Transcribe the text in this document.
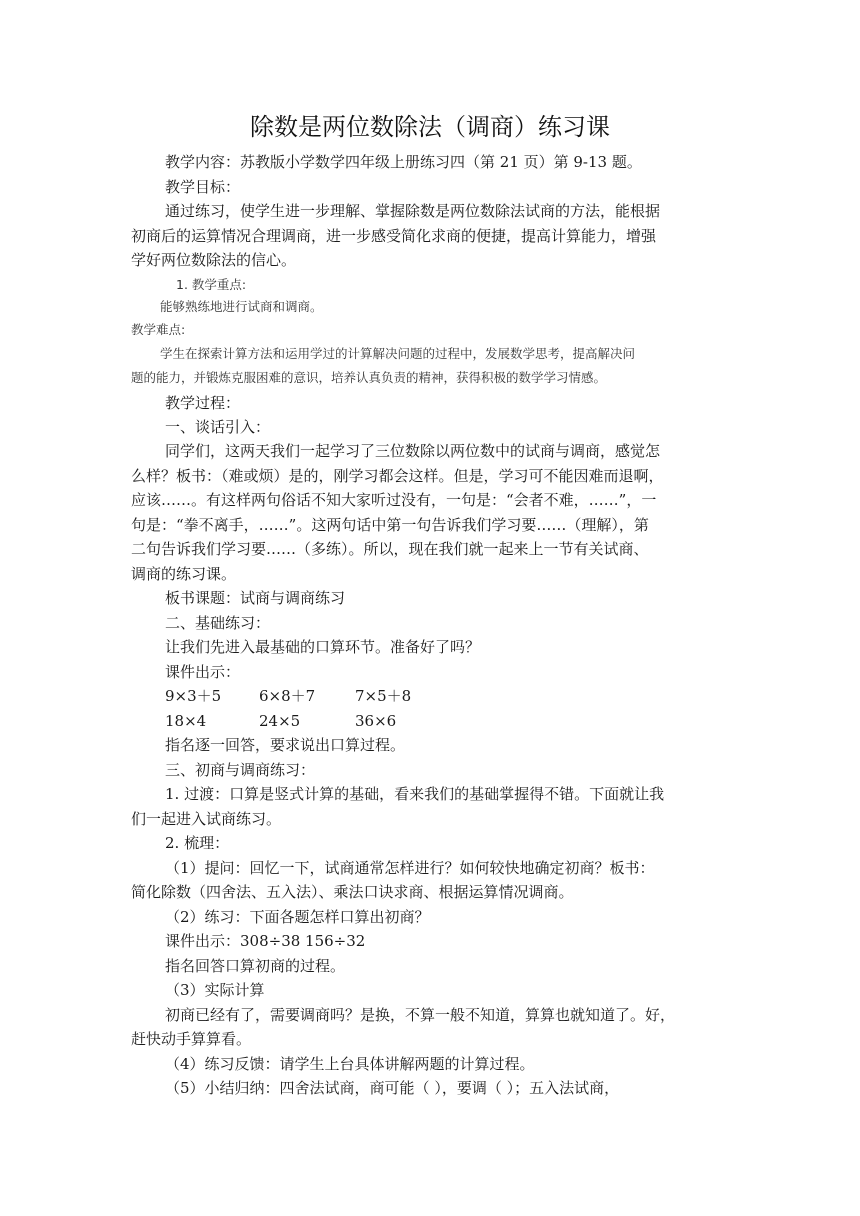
除数是两位数除法（调商）练习课
教学内容：苏教版小学数学四年级上册练习四（第 21 页）第 9-13 题。
教学目标：
通过练习，使学生进一步理解、掌握除数是两位数除法试商的方法，能根据
初商后的运算情况合理调商，进一步感受简化求商的便捷，提高计算能力，增强
学好两位数除法的信心。
1. 教学重点:
能够熟练地进行试商和调商。
教学难点:
学生在探索计算方法和运用学过的计算解决问题的过程中，发展数学思考，提高解决问
题的能力，并锻炼克服困难的意识，培养认真负责的精神，获得积极的数学学习情感。
教学过程：
一、谈话引入：
同学们，这两天我们一起学习了三位数除以两位数中的试商与调商，感觉怎
么样？板书：（难或烦）是的，刚学习都会这样。但是，学习可不能因难而退啊，
应该……。有这样两句俗话不知大家听过没有，一句是：“会者不难，……”，一
句是：“拳不离手，……”。这两句话中第一句告诉我们学习要……（理解），第
二句告诉我们学习要……（多练）。所以，现在我们就一起来上一节有关试商、
调商的练习课。
板书课题：试商与调商练习
二、基础练习：
让我们先进入最基础的口算环节。准备好了吗？
课件出示：
9×3＋5	6×8＋7	7×5＋8
18×4	24×5	36×6
指名逐一回答，要求说出口算过程。
三、初商与调商练习：
1. 过渡：口算是竖式计算的基础，看来我们的基础掌握得不错。下面就让我
们一起进入试商练习。
2. 梳理：
（1）提问：回忆一下，试商通常怎样进行？如何较快地确定初商？板书：
简化除数（四舍法、五入法）、乘法口诀求商、根据运算情况调商。
（2）练习：下面各题怎样口算出初商？
课件出示：308÷38 156÷32
指名回答口算初商的过程。
（3）实际计算
初商已经有了，需要调商吗？是换，不算一般不知道，算算也就知道了。好，
赶快动手算算看。
（4）练习反馈：请学生上台具体讲解两题的计算过程。
（5）小结归纳：四舍法试商，商可能（ ），要调（ ）；五入法试商，
